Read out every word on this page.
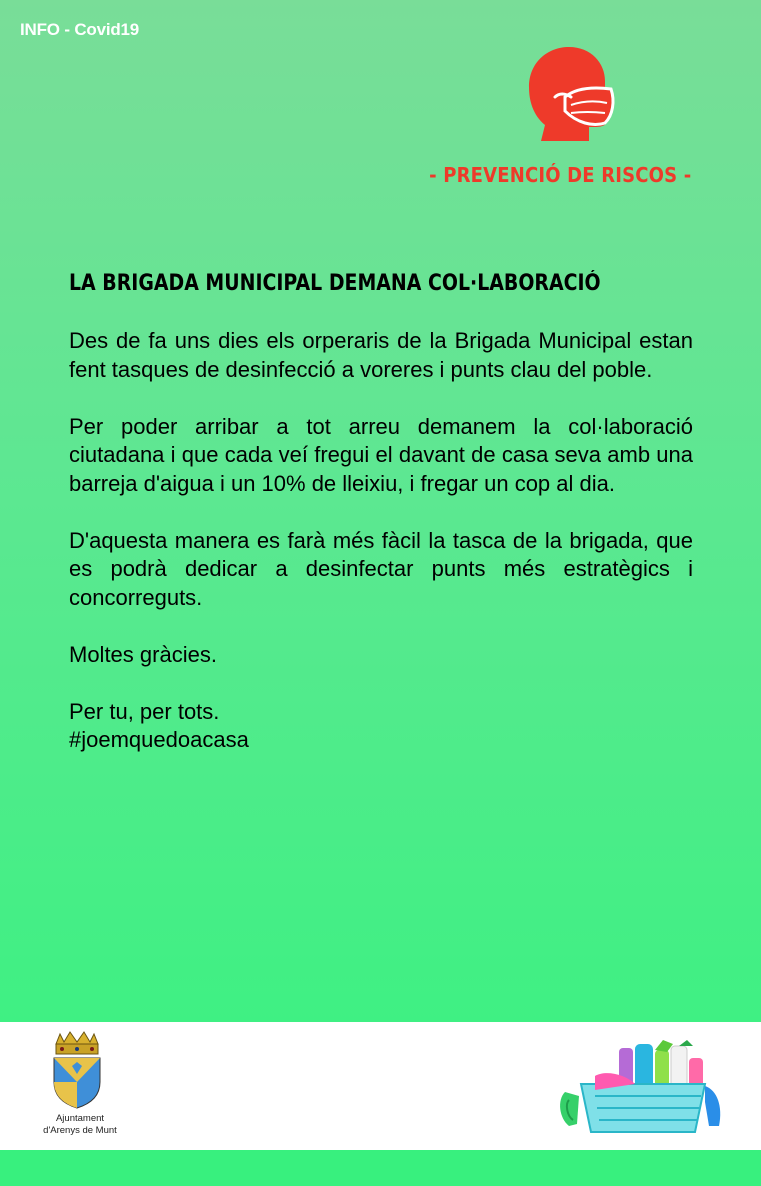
INFO - Covid19
- PREVENCIÓ DE RISCOS -
LA BRIGADA MUNICIPAL DEMANA COL·LABORACIÓ

Des de fa uns dies els orperaris de la Brigada Municipal estan fent tasques de desinfecció a voreres i punts clau del poble.

Per poder arribar a tot arreu demanem la col·laboració ciutadana i que cada veí fregui el davant de casa seva amb una barreja d'aigua i un 10% de lleixiu, i fregar un cop al dia.

D'aquesta manera es farà més fàcil la tasca de la brigada, que es podrà dedicar a desinfectar punts més estratègics i concorreguts.

Moltes gràcies.

Per tu, per tots.
#joemquedoacasa
Ajuntament
d'Arenys de Munt
